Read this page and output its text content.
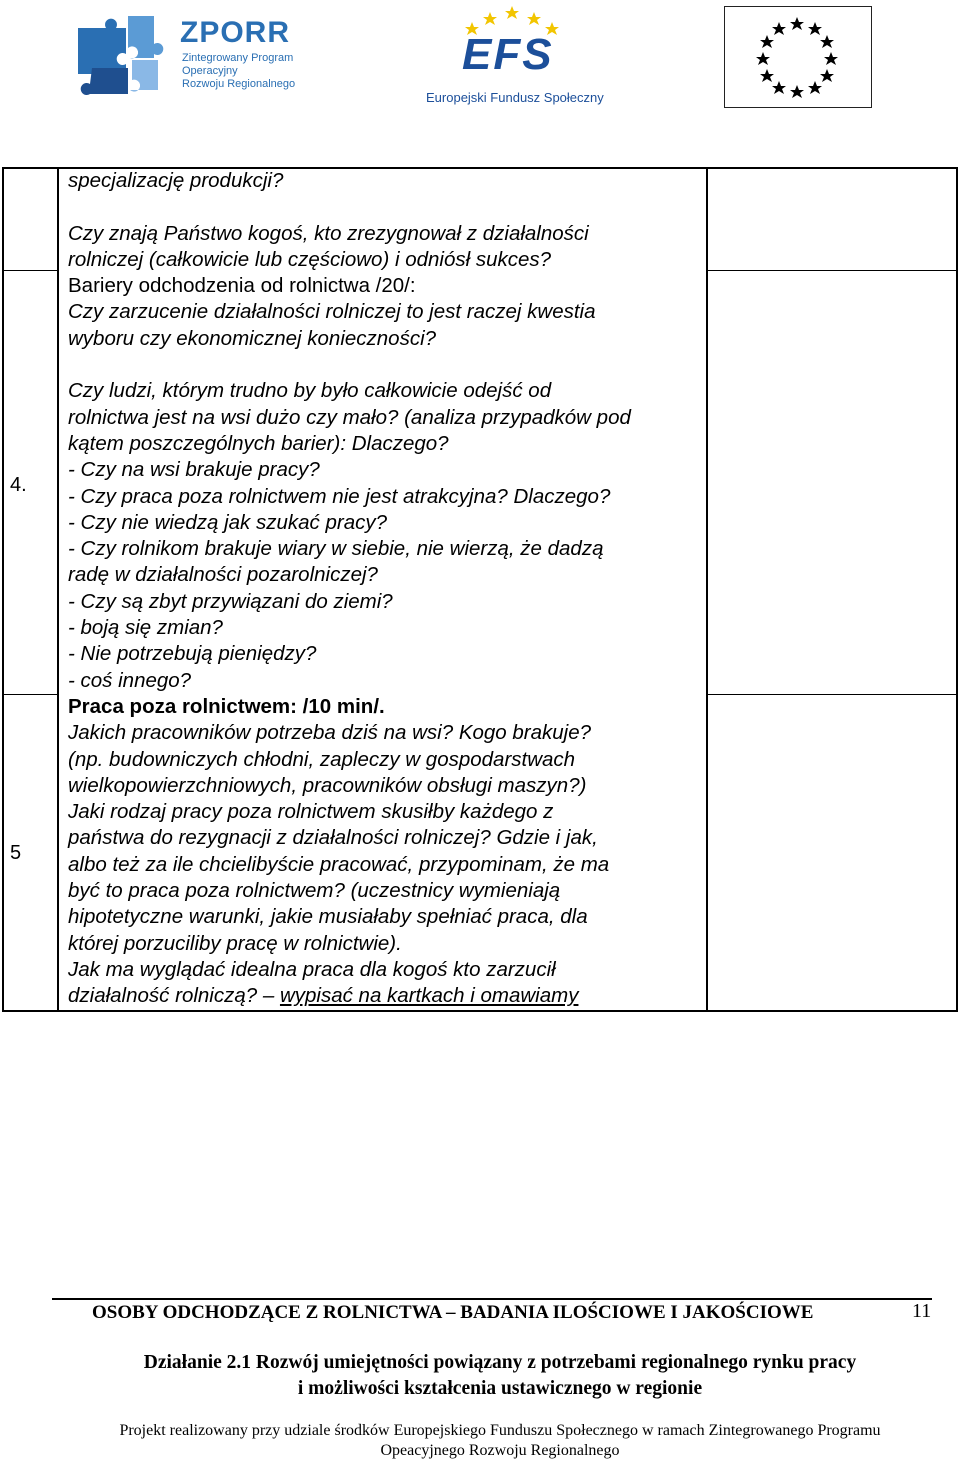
ZPORR
Zintegrowany Program
Operacyjny
Rozwoju Regionalnego
EFS
Europejski Fundusz Społeczny
4.
5
specjalizację produkcji?
Czy znają Państwo kogoś, kto zrezygnował z działalności
rolniczej (całkowicie lub częściowo) i odniósł sukces?
Bariery odchodzenia od rolnictwa /20/:
Czy zarzucenie działalności rolniczej to jest raczej kwestia
wyboru czy ekonomicznej konieczności?
Czy ludzi, którym trudno by było całkowicie odejść od
rolnictwa jest na wsi dużo czy mało? (analiza przypadków pod
kątem poszczególnych barier): Dlaczego?
- Czy na wsi brakuje pracy?
- Czy praca poza rolnictwem nie jest atrakcyjna? Dlaczego?
- Czy nie wiedzą jak szukać pracy?
- Czy rolnikom brakuje wiary w siebie, nie wierzą, że dadzą
radę w działalności pozarolniczej?
- Czy są zbyt przywiązani do ziemi?
- boją się zmian?
- Nie potrzebują pieniędzy?
- coś innego?
Praca poza rolnictwem: /10 min/.
Jakich pracowników potrzeba dziś na wsi? Kogo brakuje?
(np. budowniczych chłodni, zapleczy w gospodarstwach
wielkopowierzchniowych, pracowników obsługi maszyn?)
Jaki rodzaj pracy poza rolnictwem skusiłby każdego z
państwa do rezygnacji z działalności rolniczej? Gdzie i jak,
albo też za ile chcielibyście pracować, przypominam, że ma
być to praca poza rolnictwem? (uczestnicy wymieniają
hipotetyczne warunki, jakie musiałaby spełniać praca, dla
której porzuciliby pracę w rolnictwie).
Jak ma wyglądać idealna praca dla kogoś kto zarzucił
działalność rolniczą? – wypisać na kartkach i omawiamy
OSOBY ODCHODZĄCE Z ROLNICTWA – BADANIA ILOŚCIOWE I JAKOŚCIOWE	11
Działanie 2.1 Rozwój umiejętności powiązany z potrzebami regionalnego rynku pracy
i możliwości kształcenia ustawicznego w regionie
Projekt realizowany przy udziale środków Europejskiego Funduszu Społecznego w ramach Zintegrowanego Programu
Opeacyjnego Rozwoju Regionalnego
